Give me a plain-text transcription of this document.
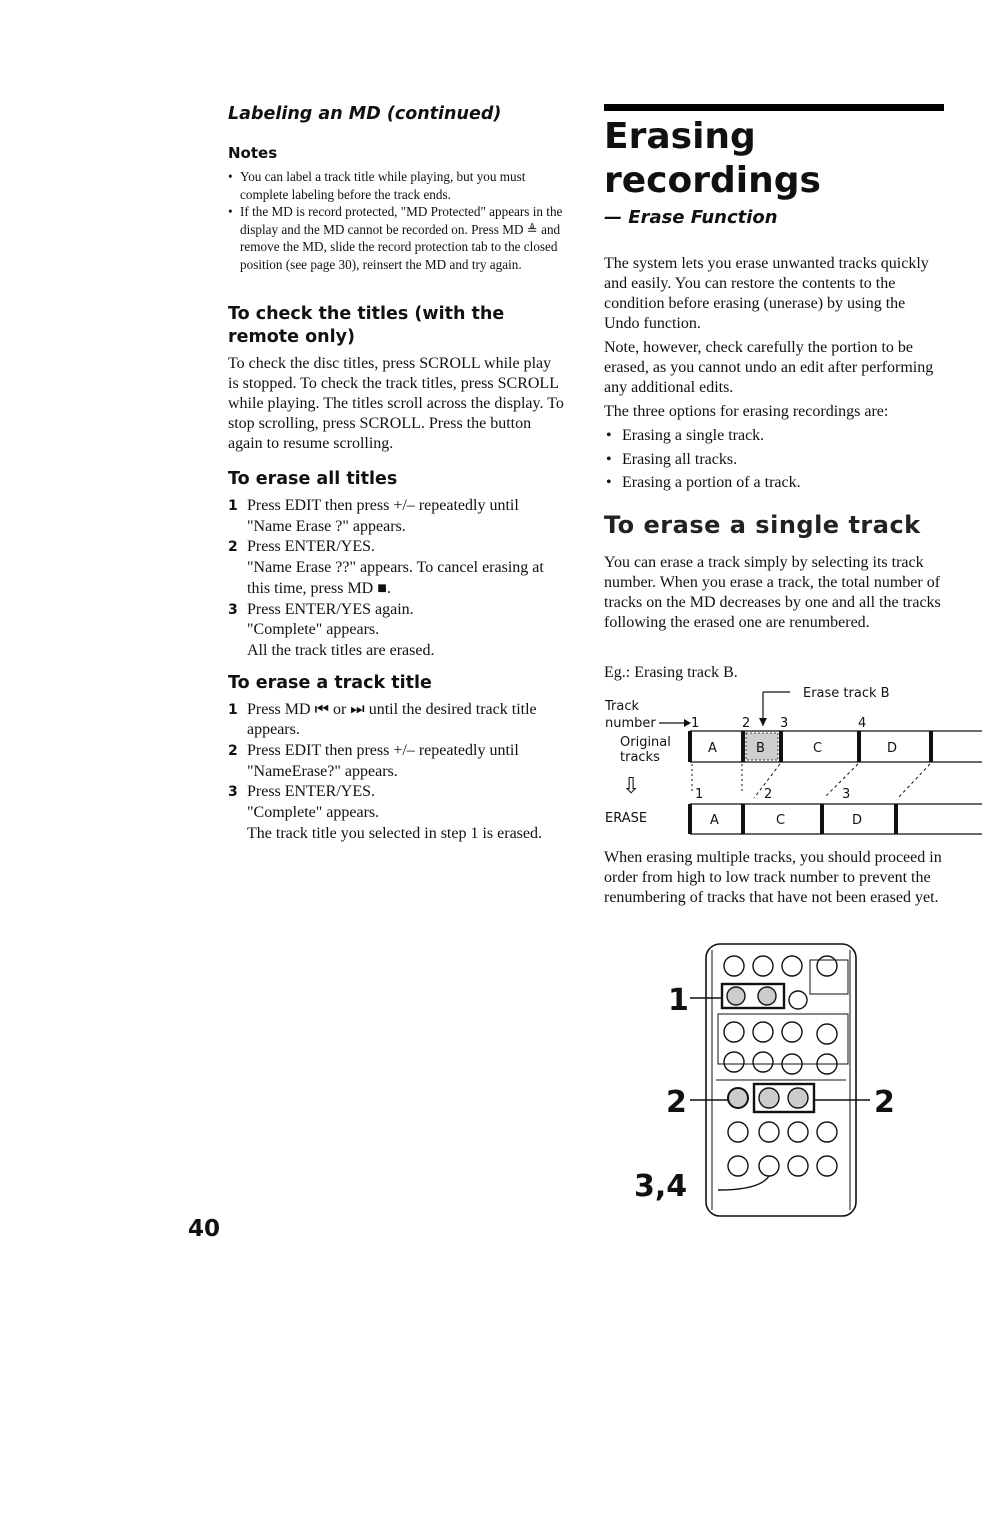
Labeling an MD (continued)
Notes
• You can label a track title while playing, but you must complete labeling before the track ends.
• If the MD is record protected, "MD Protected" appears in the display and the MD cannot be recorded on. Press MD ≜ and remove the MD, slide the record protection tab to the closed position (see page 30), reinsert the MD and try again.
To check the titles (with the remote only)

To check the disc titles, press SCROLL while play is stopped. To check the track titles, press SCROLL while playing. The titles scroll across the display. To stop scrolling, press SCROLL. Press the button again to resume scrolling.

To erase all titles
1 Press EDIT then press +/– repeatedly until "Name Erase ?" appears.
2 Press ENTER/YES.
"Name Erase ??" appears. To cancel erasing at this time, press MD ■.
3 Press ENTER/YES again.
"Complete" appears.
All the track titles are erased.
To erase a track title
1 Press MD ⏮ or ⏭ until the desired track title appears.
2 Press EDIT then press +/– repeatedly until "NameErase?" appears.
3 Press ENTER/YES.
"Complete" appears.
The track title you selected in step 1 is erased.
Erasing recordings
— Erase Function

The system lets you erase unwanted tracks quickly and easily. You can restore the contents to the condition before erasing (unerase) by using the Undo function.

Note, however, check carefully the portion to be erased, as you cannot undo an edit after performing any additional edits.

The three options for erasing recordings are:

• Erasing a single track.
• Erasing all tracks.
• Erasing a portion of a track.
To erase a single track

You can erase a track simply by selecting its track number. When you erase a track, the total number of tracks on the MD decreases by one and all the tracks following the erased one are renumbered.

Eg.: Erasing track B.

Erase track B
Track
number	1	2 3	4
Original
tracks
A	B	C	D
⇩	1	2	3
ERASE	A	C	D

When erasing multiple tracks, you should proceed in order from high to low track number to prevent the renumbering of tracks that have not been erased yet.

1
2	2
3,4
40
